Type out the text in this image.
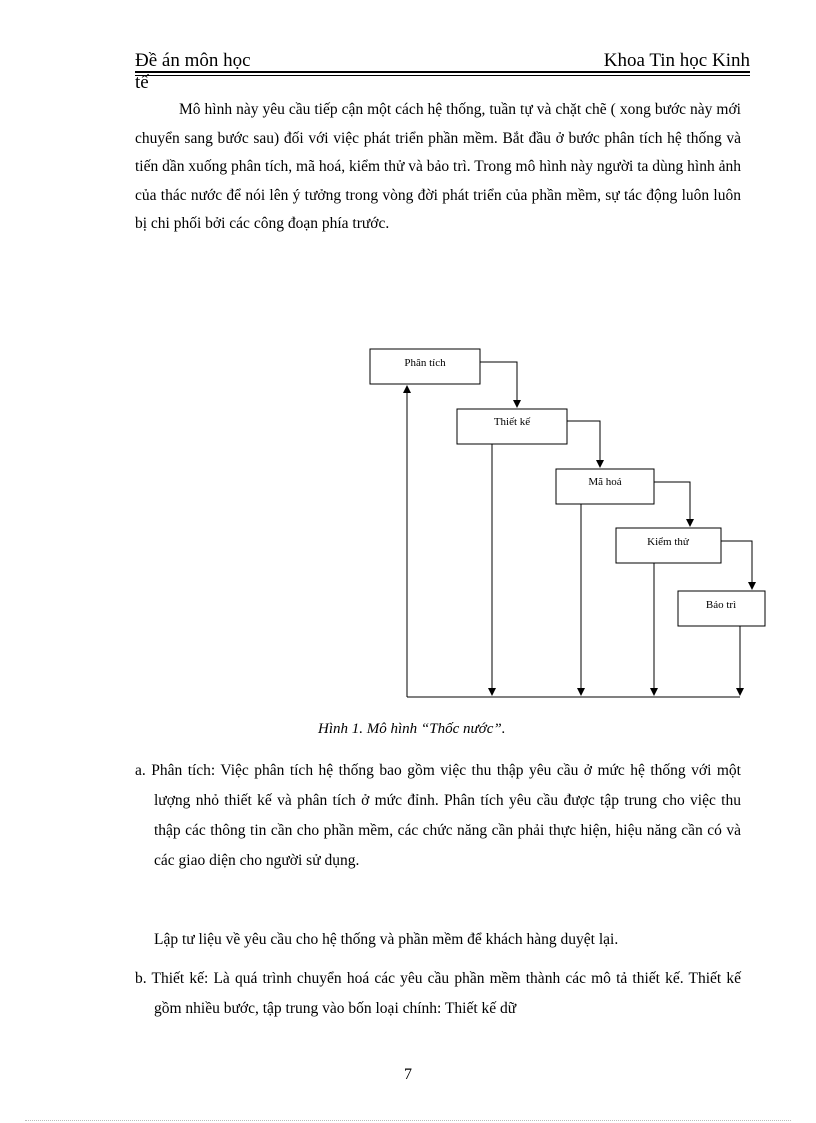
Đề án môn học	Khoa Tin học Kinh
tế
Mô hình này yêu cầu tiếp cận một cách hệ thống, tuần tự và chặt chẽ ( xong bước này mới chuyển sang bước sau) đối với việc phát triển phần mềm. Bắt đầu ở bước phân tích hệ thống và tiến dần xuống phân tích, mã hoá, kiểm thử và bảo trì. Trong mô hình này người ta dùng hình ảnh của thác nước để nói lên ý tưởng trong vòng đời phát triển của phần mềm, sự tác động luôn luôn bị chi phối bởi các công đoạn phía trước.
Phân tích
Thiết kế
Mã hoá
Kiểm thử
Bảo trì
Hình 1. Mô hình “Thốc nước”.
a. Phân tích: Việc phân tích hệ thống bao gồm việc thu thập yêu cầu ở mức hệ thống với một lượng nhỏ thiết kế và phân tích ở mức đỉnh. Phân tích yêu cầu được tập trung cho việc thu thập các thông tin cần cho phần mềm, các chức năng cần phải thực hiện, hiệu năng cần có và các giao diện cho người sử dụng.
Lập tư liệu về yêu cầu cho hệ thống và phần mềm để khách hàng duyệt lại.
b. Thiết kế: Là quá trình chuyển hoá các yêu cầu phần mềm thành các mô tả thiết kế. Thiết kế gồm nhiều bước, tập trung vào bốn loại chính: Thiết kế dữ
7
